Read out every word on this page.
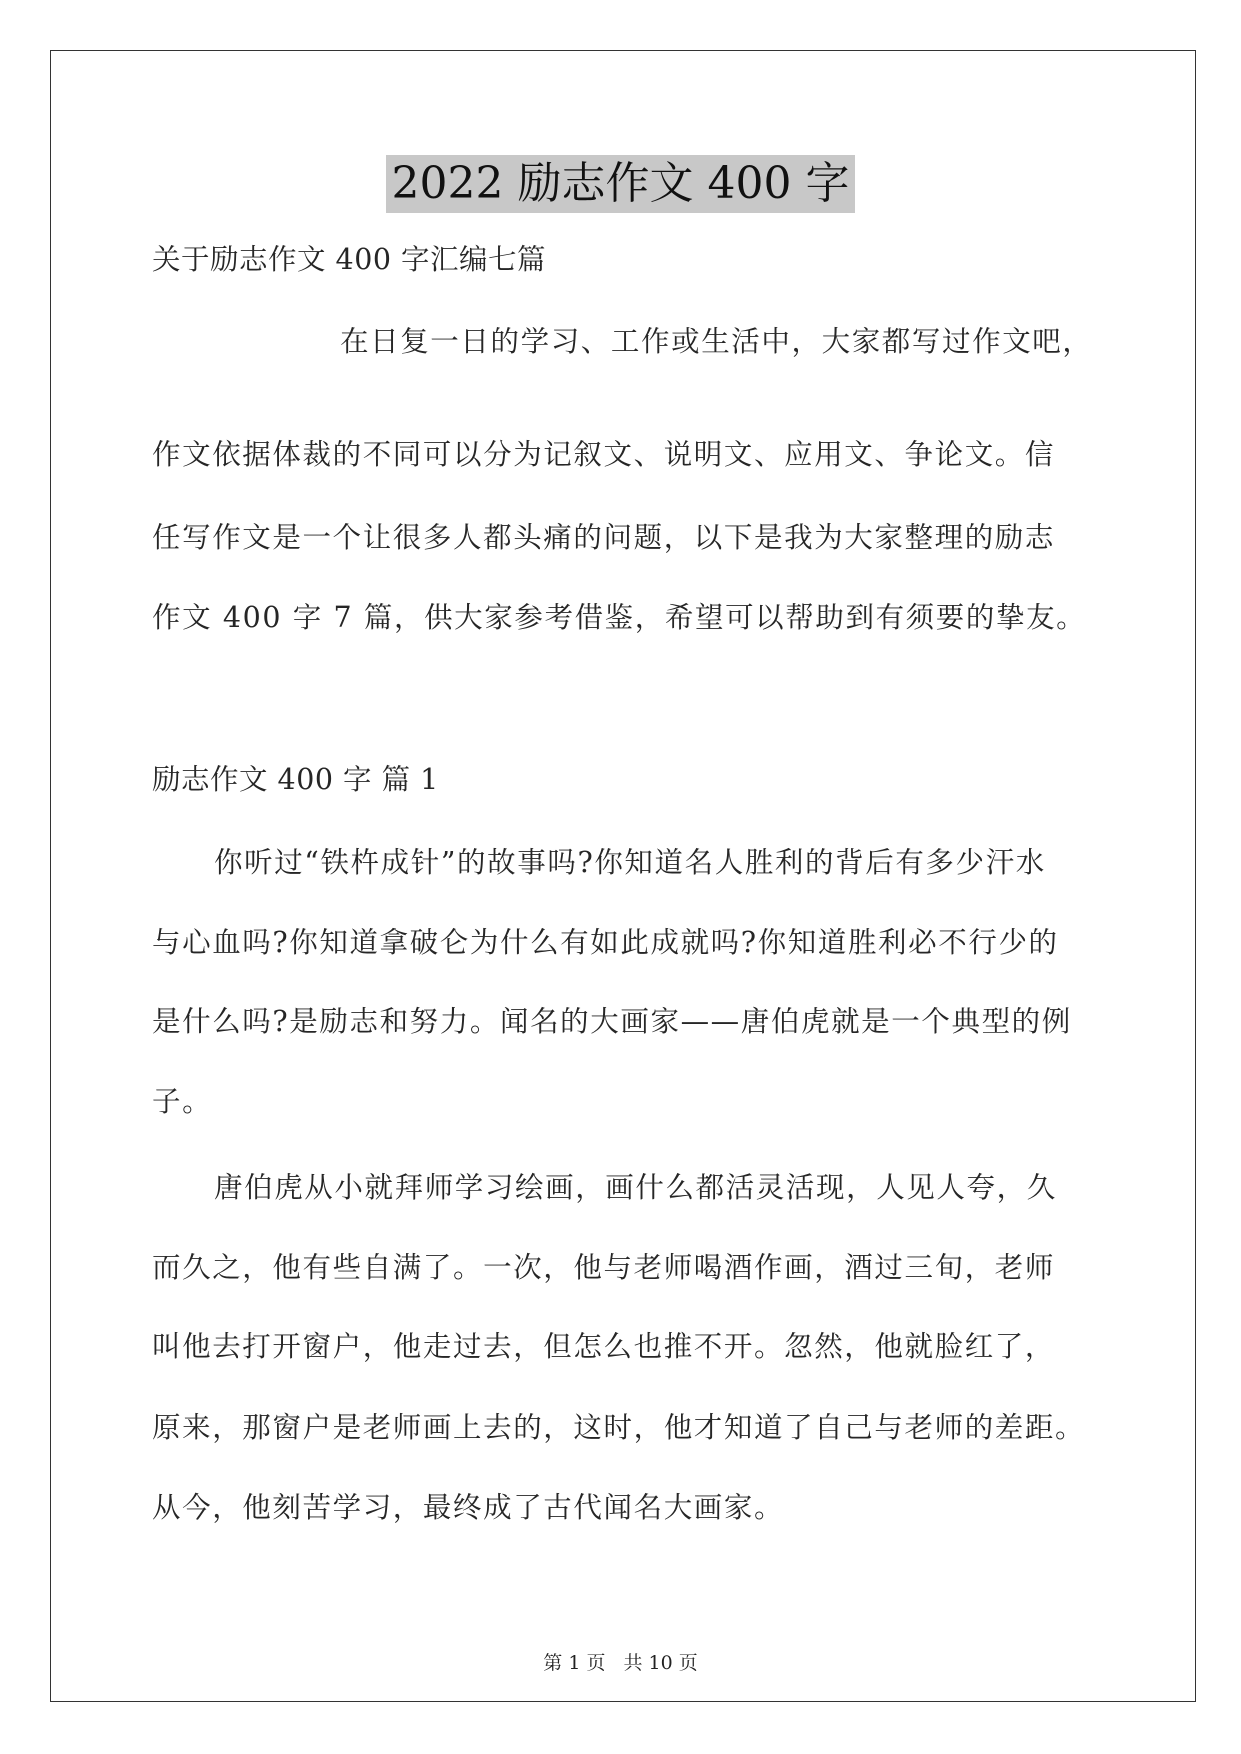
2022 励志作文 400 字
关于励志作文 400 字汇编七篇
在日复一日的学习、工作或生活中，大家都写过作文吧，
作文依据体裁的不同可以分为记叙文、说明文、应用文、争论文。信
任写作文是一个让很多人都头痛的问题，以下是我为大家整理的励志
作文 400 字 7 篇，供大家参考借鉴，希望可以帮助到有须要的挚友。
励志作文 400 字 篇 1
你听过“铁杵成针”的故事吗?你知道名人胜利的背后有多少汗水
与心血吗?你知道拿破仑为什么有如此成就吗?你知道胜利必不行少的
是什么吗?是励志和努力。闻名的大画家——唐伯虎就是一个典型的例
子。
唐伯虎从小就拜师学习绘画，画什么都活灵活现，人见人夸，久
而久之，他有些自满了。一次，他与老师喝酒作画，酒过三旬，老师
叫他去打开窗户，他走过去，但怎么也推不开。忽然，他就脸红了，
原来，那窗户是老师画上去的，这时，他才知道了自己与老师的差距。
从今，他刻苦学习，最终成了古代闻名大画家。
第 1 页 共 10 页
